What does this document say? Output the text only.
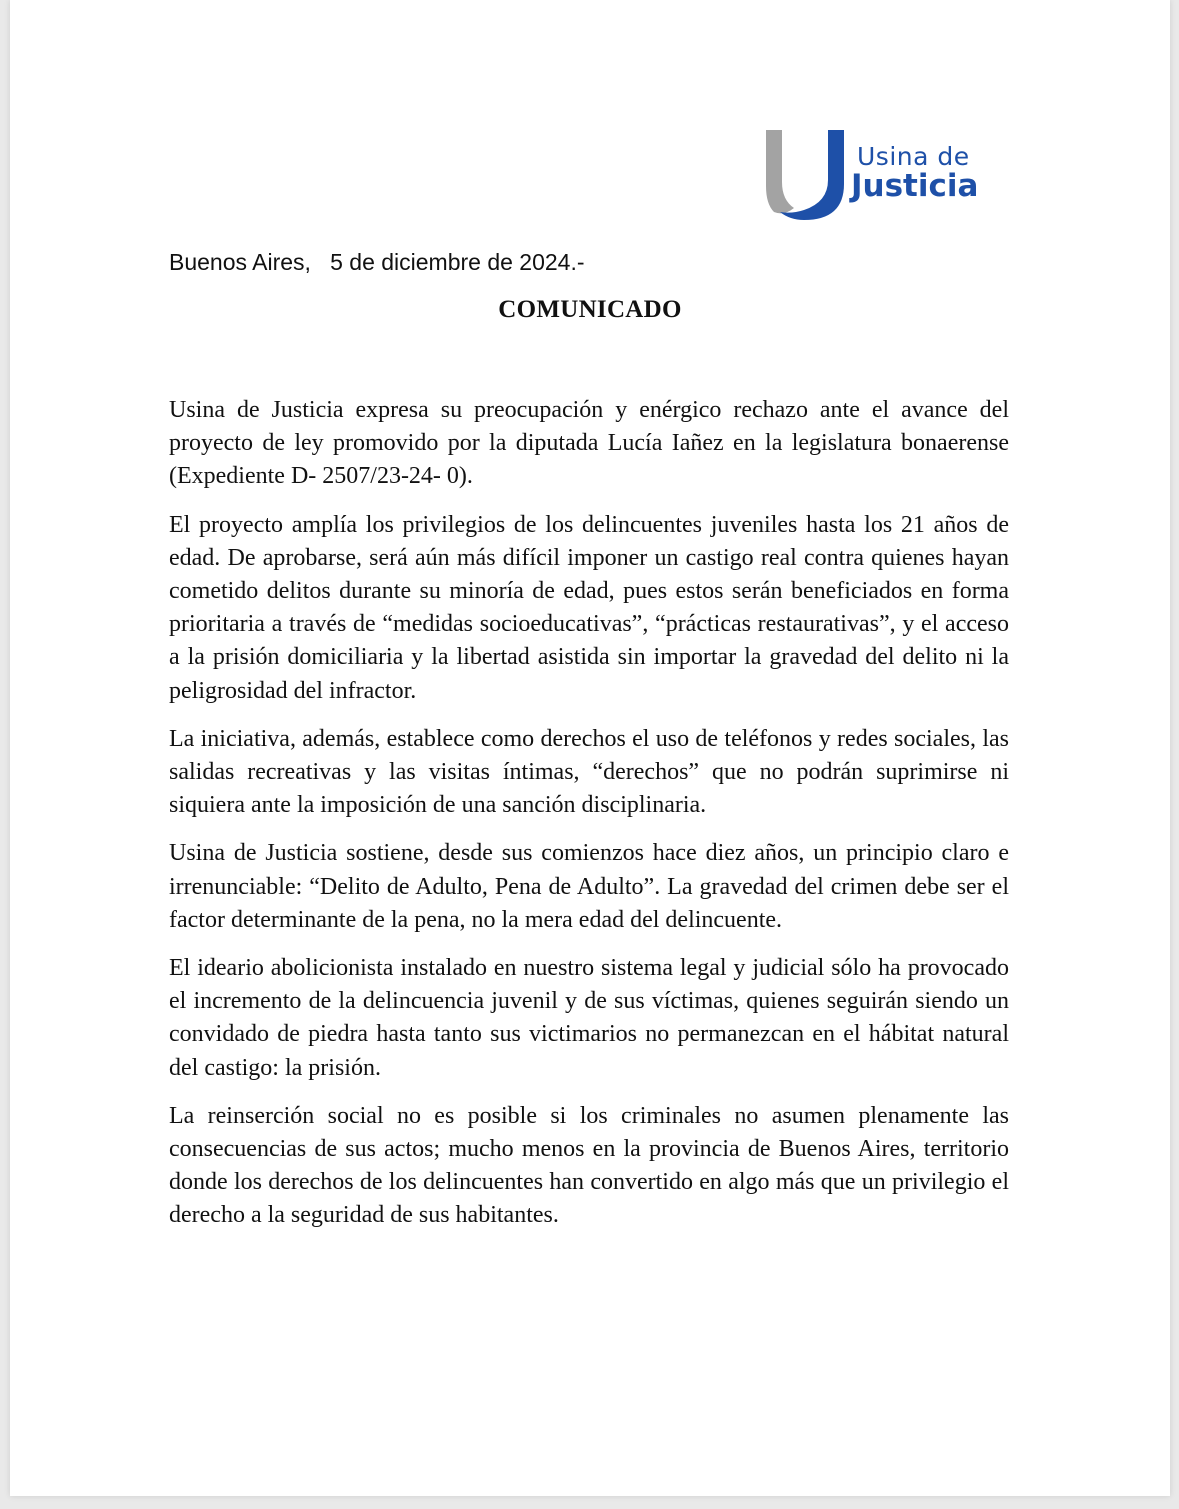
Usina de
Justicia
Buenos Aires,   5 de diciembre de 2024.-
COMUNICADO

Usina de Justicia expresa su preocupación y enérgico rechazo ante el avance del proyecto de ley promovido por la diputada Lucía Iañez en la legislatura bonaerense (Expediente D- 2507/23-24- 0).

El proyecto amplía los privilegios de los delincuentes juveniles hasta los 21 años de edad. De aprobarse, será aún más difícil imponer un castigo real contra quienes hayan cometido delitos durante su minoría de edad, pues estos serán beneficiados en forma prioritaria a través de “medidas socioeducativas”, “prácticas restaurativas”, y el acceso a la prisión domiciliaria y la libertad asistida sin importar la gravedad del delito ni la peligrosidad del infractor.

La iniciativa, además, establece como derechos el uso de teléfonos y redes sociales, las salidas recreativas y las visitas íntimas, “derechos” que no podrán suprimirse ni siquiera ante la imposición de una sanción disciplinaria.

Usina de Justicia sostiene, desde sus comienzos hace diez años, un principio claro e irrenunciable: “Delito de Adulto, Pena de Adulto”. La gravedad del crimen debe ser el factor determinante de la pena, no la mera edad del delincuente.

El ideario abolicionista instalado en nuestro sistema legal y judicial sólo ha provocado el incremento de la delincuencia juvenil y de sus víctimas, quienes seguirán siendo un convidado de piedra hasta tanto sus victimarios no permanezcan en el hábitat natural del castigo: la prisión.

La reinserción social no es posible si los criminales no asumen plenamente las consecuencias de sus actos; mucho menos en la provincia de Buenos Aires, territorio donde los derechos de los delincuentes han convertido en algo más que un privilegio el derecho a la seguridad de sus habitantes.
